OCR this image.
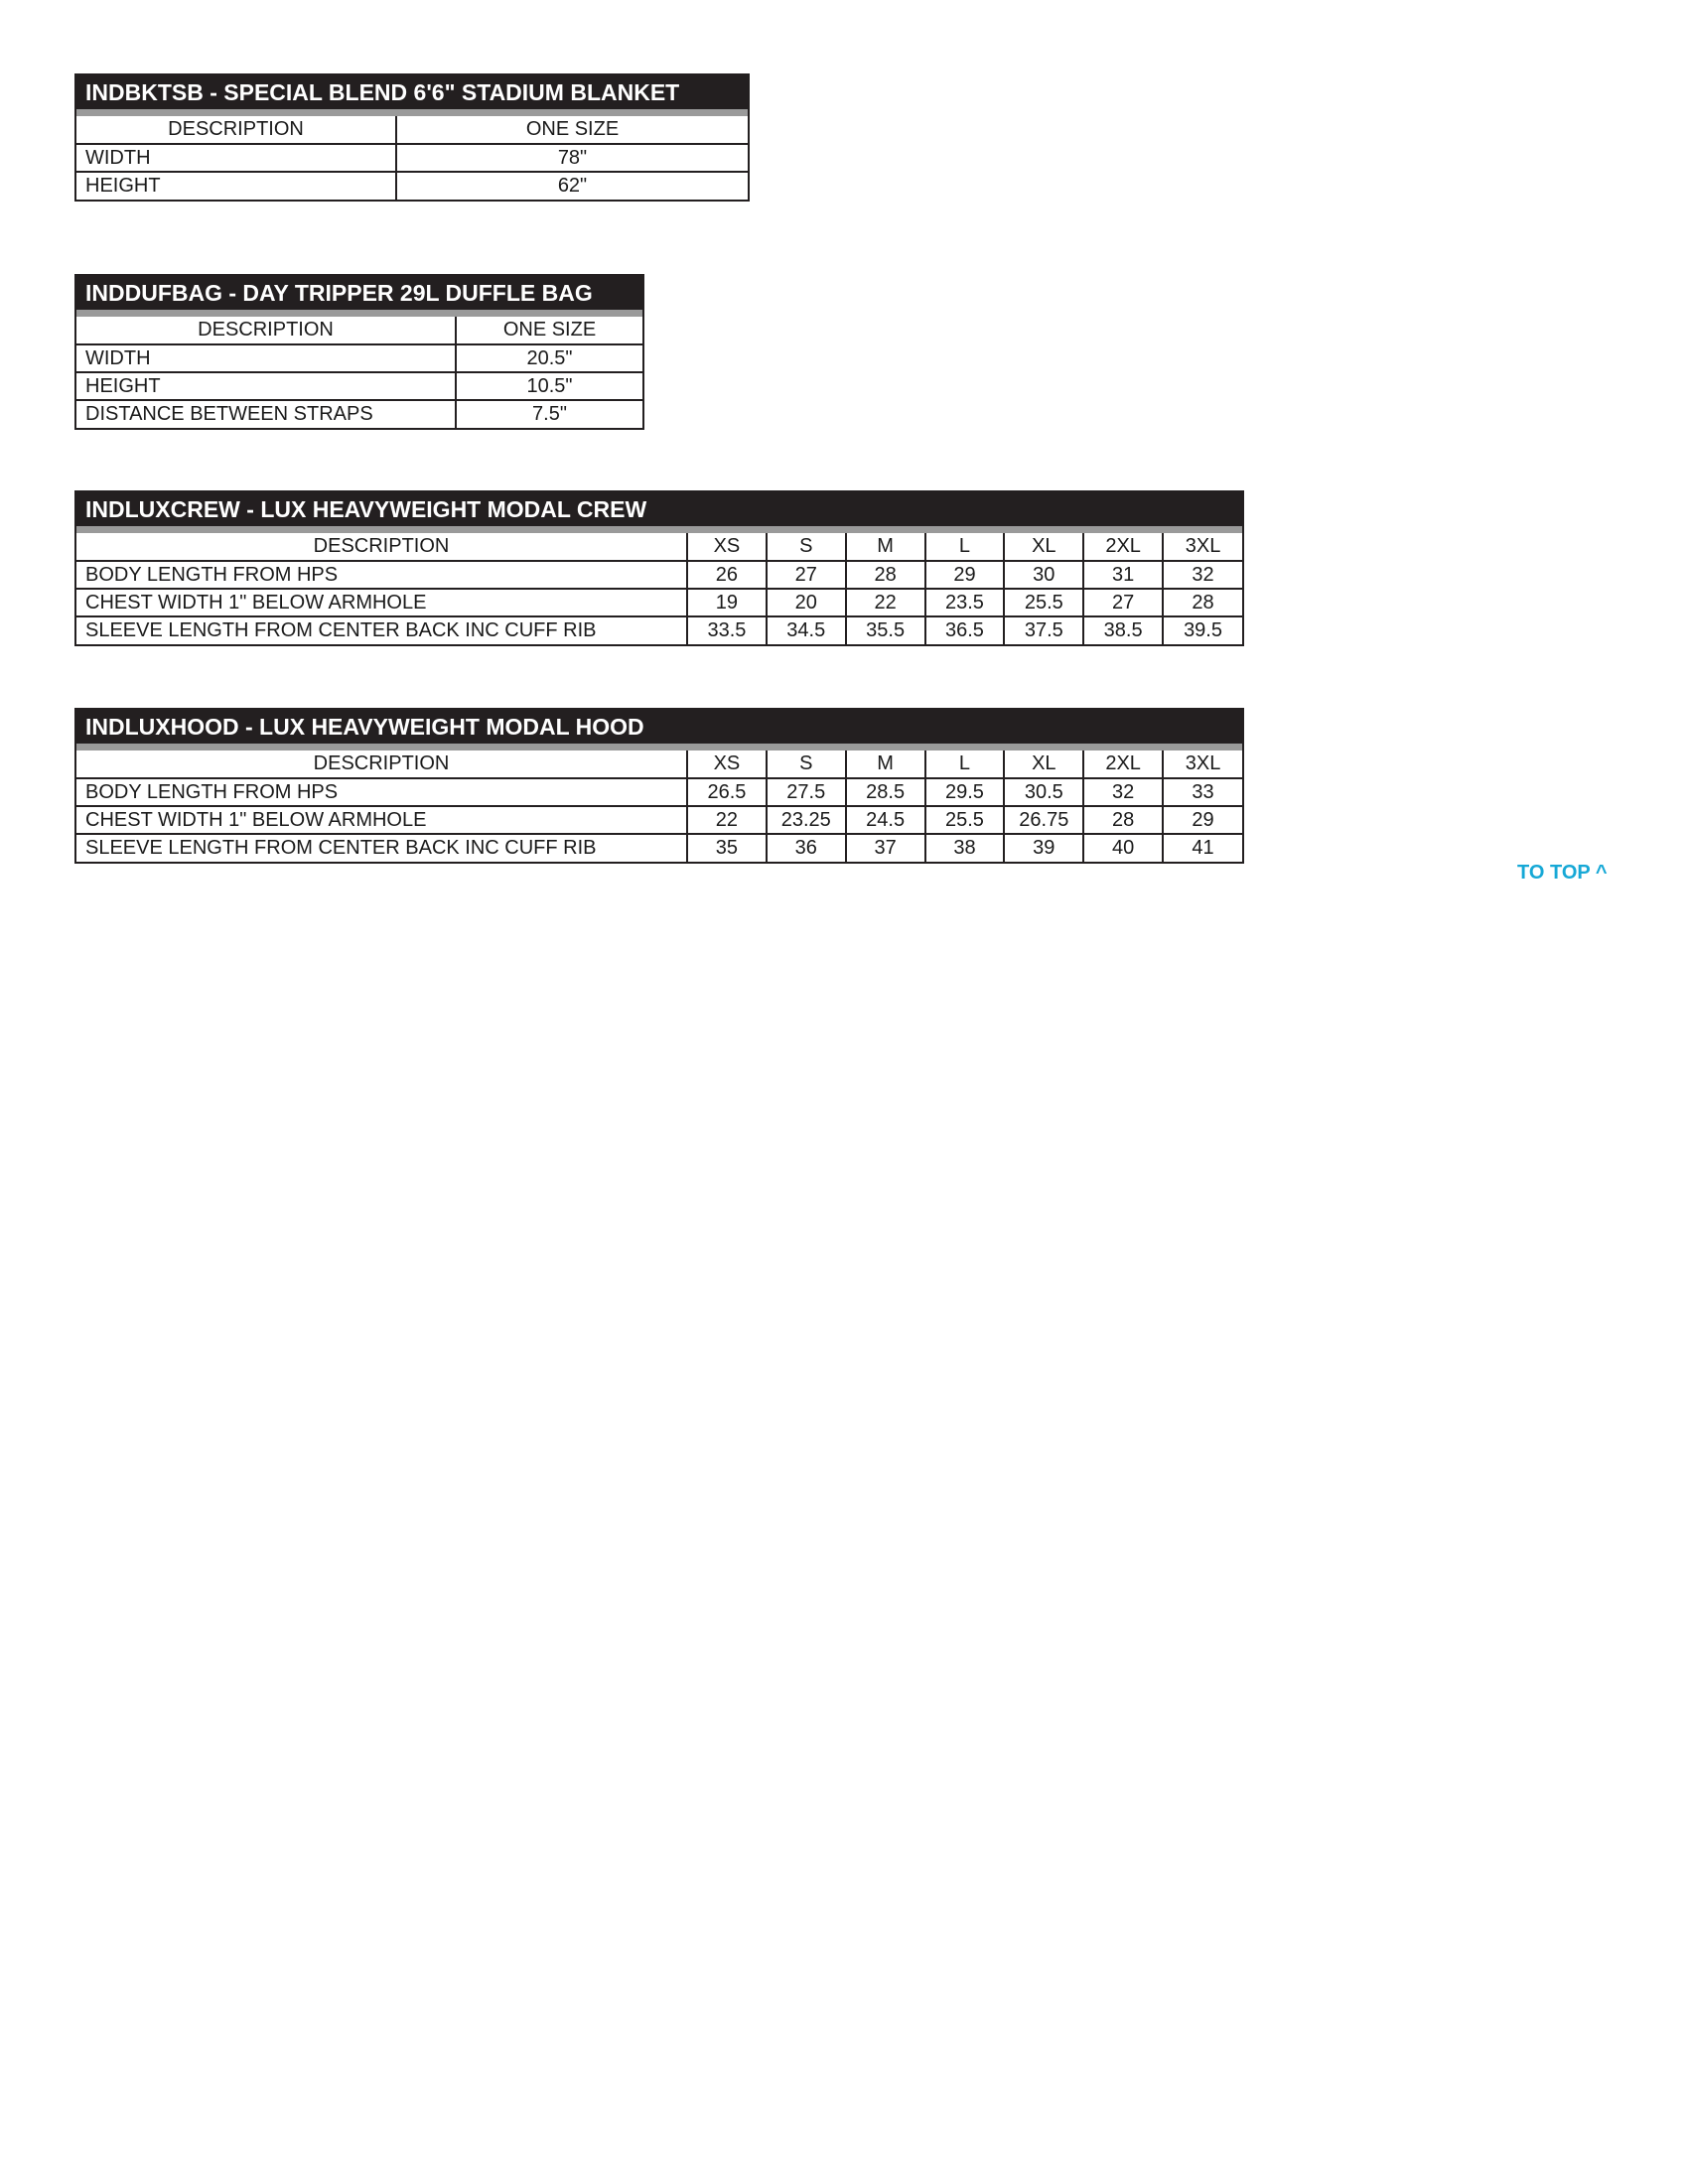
INDBKTSB - SPECIAL BLEND 6'6" STADIUM BLANKET
DESCRIPTION	ONE SIZE
WIDTH	78"
HEIGHT	62"
INDDUFBAG - DAY TRIPPER 29L DUFFLE BAG
DESCRIPTION	ONE SIZE
WIDTH	20.5"
HEIGHT	10.5"
DISTANCE BETWEEN STRAPS	7.5"
INDLUXCREW - LUX HEAVYWEIGHT MODAL CREW
DESCRIPTION	XS	S	M	L	XL	2XL	3XL
BODY LENGTH FROM HPS	26	27	28	29	30	31	32
CHEST WIDTH 1" BELOW ARMHOLE	19	20	22	23.5	25.5	27	28
SLEEVE LENGTH FROM CENTER BACK INC CUFF RIB	33.5	34.5	35.5	36.5	37.5	38.5	39.5
INDLUXHOOD - LUX HEAVYWEIGHT MODAL HOOD
DESCRIPTION	XS	S	M	L	XL	2XL	3XL
BODY LENGTH FROM HPS	26.5	27.5	28.5	29.5	30.5	32	33
CHEST WIDTH 1" BELOW ARMHOLE	22	23.25	24.5	25.5	26.75	28	29
SLEEVE LENGTH FROM CENTER BACK INC CUFF RIB	35	36	37	38	39	40	41
TO TOP ^
